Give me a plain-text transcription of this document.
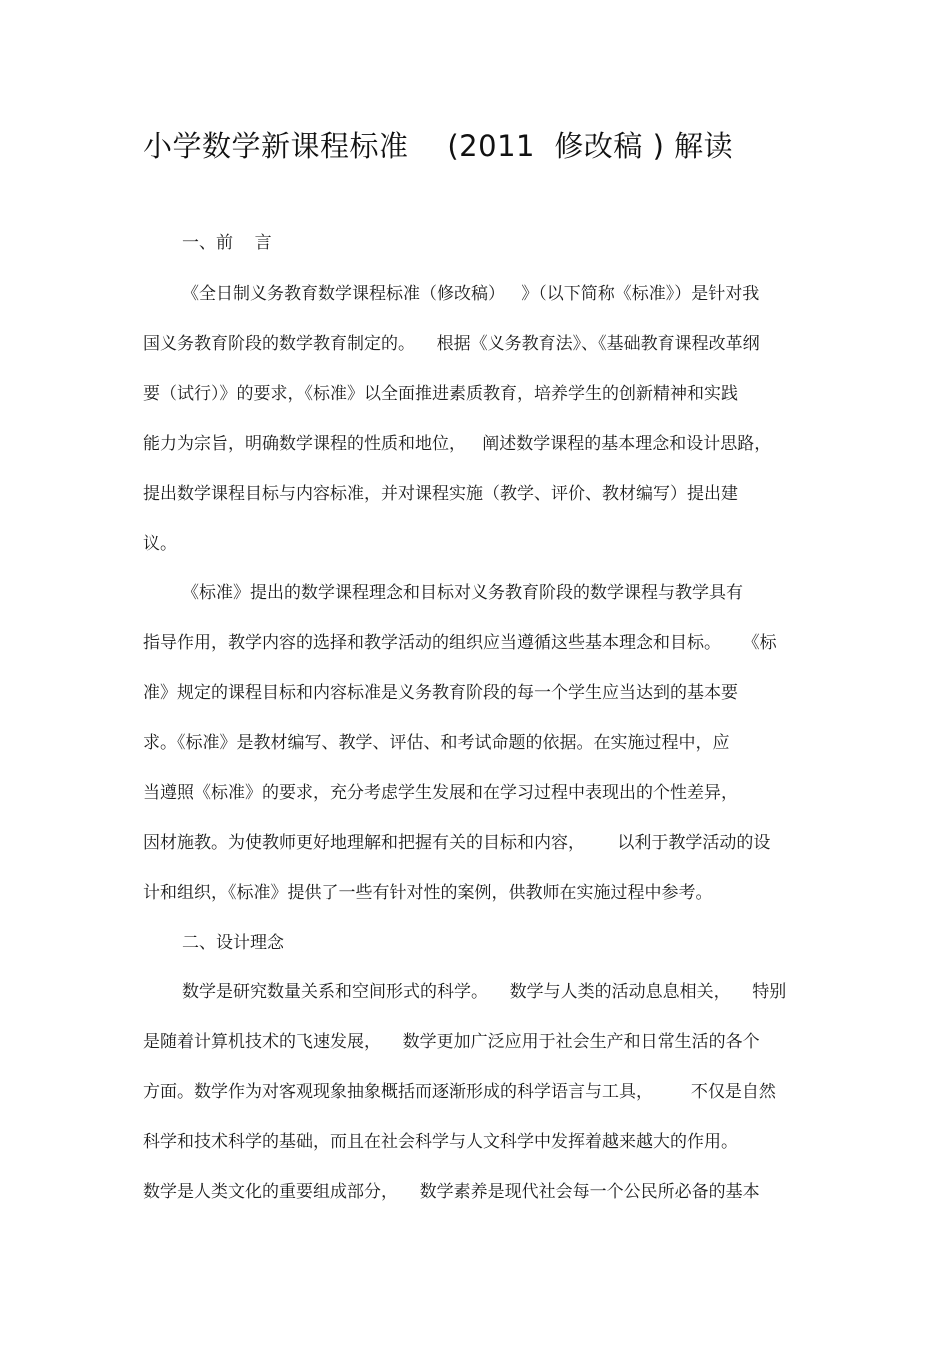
小学数学新课程标准    (2011  修改稿 ) 解读
一、前    言
《全日制义务教育数学课程标准（修改稿）   》（以下简称《标准》）是针对我
国义务教育阶段的数学教育制定的。    根据《义务教育法》、《基础教育课程改革纲
要（试行）》的要求，《标准》以全面推进素质教育，培养学生的创新精神和实践
能力为宗旨，明确数学课程的性质和地位，   阐述数学课程的基本理念和设计思路，
提出数学课程目标与内容标准，并对课程实施（教学、评价、教材编写）提出建
议。
《标准》提出的数学课程理念和目标对义务教育阶段的数学课程与教学具有
指导作用，教学内容的选择和教学活动的组织应当遵循这些基本理念和目标。    《标
准》规定的课程目标和内容标准是义务教育阶段的每一个学生应当达到的基本要
求。《标准》是教材编写、教学、评估、和考试命题的依据。在实施过程中，应
当遵照《标准》的要求，充分考虑学生发展和在学习过程中表现出的个性差异，
因材施教。为使教师更好地理解和把握有关的目标和内容，      以利于教学活动的设
计和组织，《标准》提供了一些有针对性的案例，供教师在实施过程中参考。
二、设计理念
数学是研究数量关系和空间形式的科学。    数学与人类的活动息息相关，    特别
是随着计算机技术的飞速发展，    数学更加广泛应用于社会生产和日常生活的各个
方面。数学作为对客观现象抽象概括而逐渐形成的科学语言与工具，       不仅是自然
科学和技术科学的基础，而且在社会科学与人文科学中发挥着越来越大的作用。
数学是人类文化的重要组成部分，    数学素养是现代社会每一个公民所必备的基本
